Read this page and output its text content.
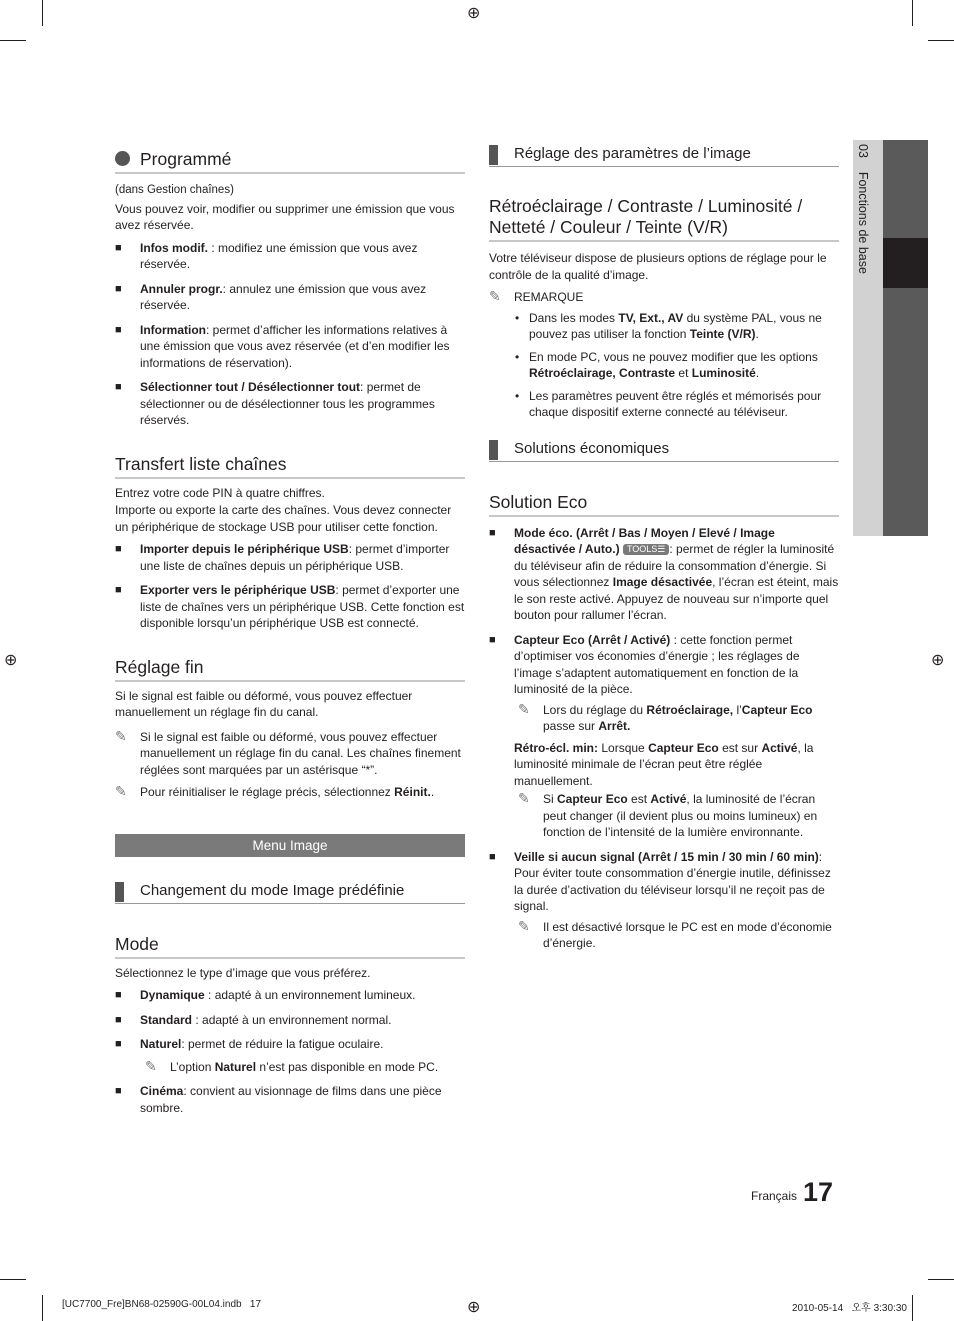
⊕
⊕	⊕
⊕
03    Fonctions de base
Programmé

(dans Gestion chaînes)

Vous pouvez voir, modifier ou supprimer une émission que vous avez réservée.

■ Infos modif. : modifiez une émission que vous avez réservée.
■ Annuler progr.: annulez une émission que vous avez réservée.
■ Information: permet d’afficher les informations relatives à une émission que vous avez réservée (et d’en modifier les informations de réservation).
■ Sélectionner tout / Désélectionner tout: permet de sélectionner ou de désélectionner tous les programmes réservés.
Transfert liste chaînes

Entrez votre code PIN à quatre chiffres.

Importe ou exporte la carte des chaînes. Vous devez connecter un périphérique de stockage USB pour utiliser cette fonction.

■ Importer depuis le périphérique USB: permet d’importer une liste de chaînes depuis un périphérique USB.
■ Exporter vers le périphérique USB: permet d’exporter une liste de chaînes vers un périphérique USB. Cette fonction est disponible lorsqu’un périphérique USB est connecté.
Réglage fin

Si le signal est faible ou déformé, vous pouvez effectuer manuellement un réglage fin du canal.

✎ Si le signal est faible ou déformé, vous pouvez effectuer manuellement un réglage fin du canal. Les chaînes finement réglées sont marquées par un astérisque “*”.
✎ Pour réinitialiser le réglage précis, sélectionnez Réinit..
Menu Image
Changement du mode Image prédéfinie
Mode

Sélectionnez le type d’image que vous préférez.

■ Dynamique : adapté à un environnement lumineux.
■ Standard : adapté à un environnement normal.
■ Naturel: permet de réduire la fatigue oculaire.
✎ L’option Naturel n’est pas disponible en mode PC.
■ Cinéma: convient au visionnage de films dans une pièce sombre.
Réglage des paramètres de l’image
Rétroéclairage / Contraste / Luminosité /
Netteté / Couleur / Teinte (V/R)

Votre téléviseur dispose de plusieurs options de réglage pour le contrôle de la qualité d’image.

✎ REMARQUE
• Dans les modes TV, Ext., AV du système PAL, vous ne pouvez pas utiliser la fonction Teinte (V/R).
• En mode PC, vous ne pouvez modifier que les options Rétroéclairage, Contraste et Luminosité.
• Les paramètres peuvent être réglés et mémorisés pour chaque dispositif externe connecté au téléviseur.
Solutions économiques
Solution Eco
■ Mode éco. (Arrêt / Bas / Moyen / Elevé / Image désactivée / Auto.) TOOLS☰ : permet de régler la luminosité du téléviseur afin de réduire la consommation d’énergie. Si vous sélectionnez Image désactivée, l’écran est éteint, mais le son reste activé. Appuyez de nouveau sur n’importe quel bouton pour rallumer l’écran.
■ Capteur Eco (Arrêt / Activé) : cette fonction permet d’optimiser vos économies d’énergie ; les réglages de l’image s’adaptent automatiquement en fonction de la luminosité de la pièce.
✎ Lors du réglage du Rétroéclairage, l’Capteur Eco passe sur Arrêt.

Rétro-écl. min: Lorsque Capteur Eco est sur Activé, la luminosité minimale de l’écran peut être réglée manuellement.

✎ Si Capteur Eco est Activé, la luminosité de l’écran peut changer (il devient plus ou moins lumineux) en fonction de l’intensité de la lumière environnante.
■ Veille si aucun signal (Arrêt / 15 min / 30 min / 60 min): Pour éviter toute consommation d’énergie inutile, définissez la durée d’activation du téléviseur lorsqu’il ne reçoit pas de signal.
✎ Il est désactivé lorsque le PC est en mode d’économie d’énergie.
Français 17
[UC7700_Fre]BN68-02590G-00L04.indb   17	2010-05-14   오후 3:30:30
